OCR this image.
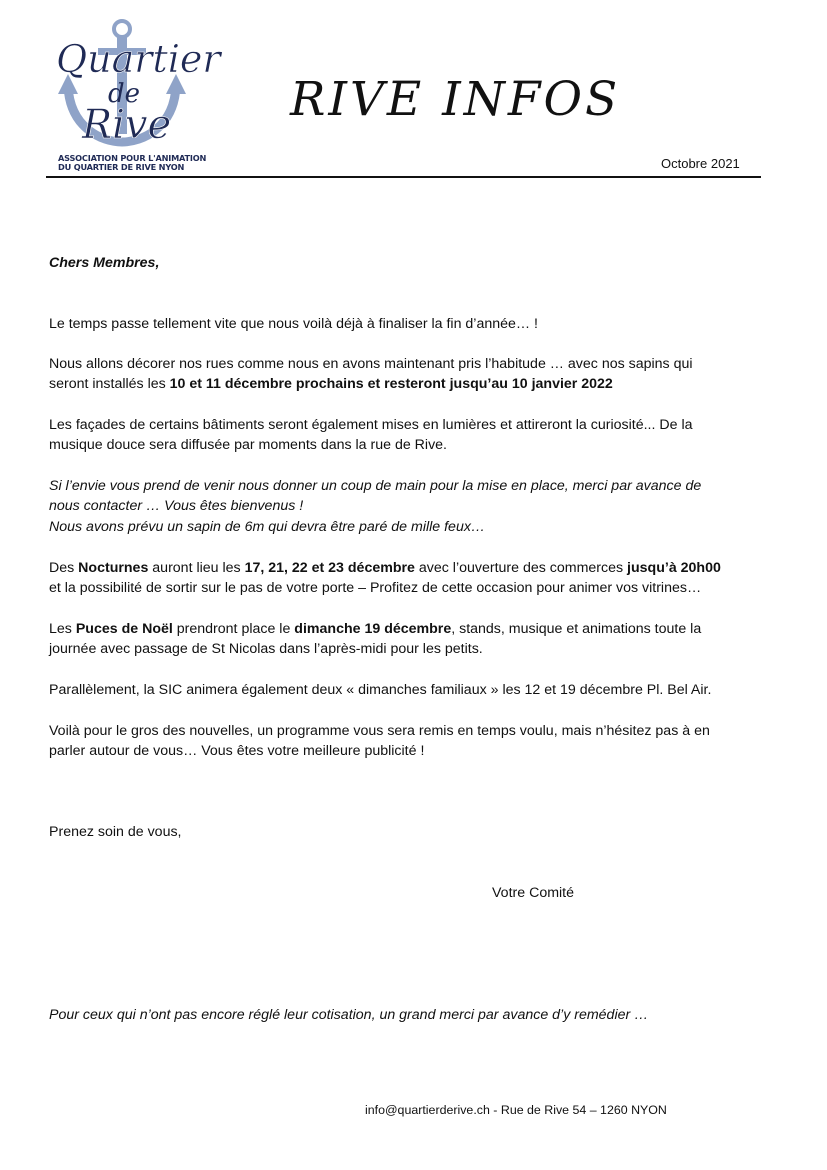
Quartier
de
Rive
ASSOCIATION POUR L'ANIMATION
DU QUARTIER DE RIVE NYON
RIVE INFOS
Octobre 2021
Chers Membres,
Le temps passe tellement vite que nous voilà déjà à finaliser la fin d’année… !
Nous allons décorer nos rues comme nous en avons maintenant pris l’habitude … avec nos sapins qui
seront installés les 10 et 11 décembre prochains et resteront jusqu’au 10 janvier 2022
Les façades de certains bâtiments seront également mises en lumières et attireront la curiosité... De la
musique douce sera diffusée par moments dans la rue de Rive.
Si l’envie vous prend de venir nous donner un coup de main pour la mise en place, merci par avance de
nous contacter … Vous êtes bienvenus !
Nous avons prévu un sapin de 6m qui devra être paré de mille feux…
Des Nocturnes auront lieu les 17, 21, 22 et 23 décembre avec l’ouverture des commerces jusqu’à 20h00
et la possibilité de sortir sur le pas de votre porte – Profitez de cette occasion pour animer vos vitrines…
Les Puces de Noël prendront place le dimanche 19 décembre, stands, musique et animations toute la
journée avec passage de St Nicolas dans l’après-midi pour les petits.
Parallèlement, la SIC animera également deux « dimanches familiaux » les 12 et 19 décembre Pl. Bel Air.
Voilà pour le gros des nouvelles, un programme vous sera remis en temps voulu, mais n’hésitez pas à en
parler autour de vous… Vous êtes votre meilleure publicité !
Prenez soin de vous,
Votre Comité
Pour ceux qui n’ont pas encore réglé leur cotisation, un grand merci par avance d’y remédier …
info@quartierderive.ch - Rue de Rive 54 – 1260 NYON
